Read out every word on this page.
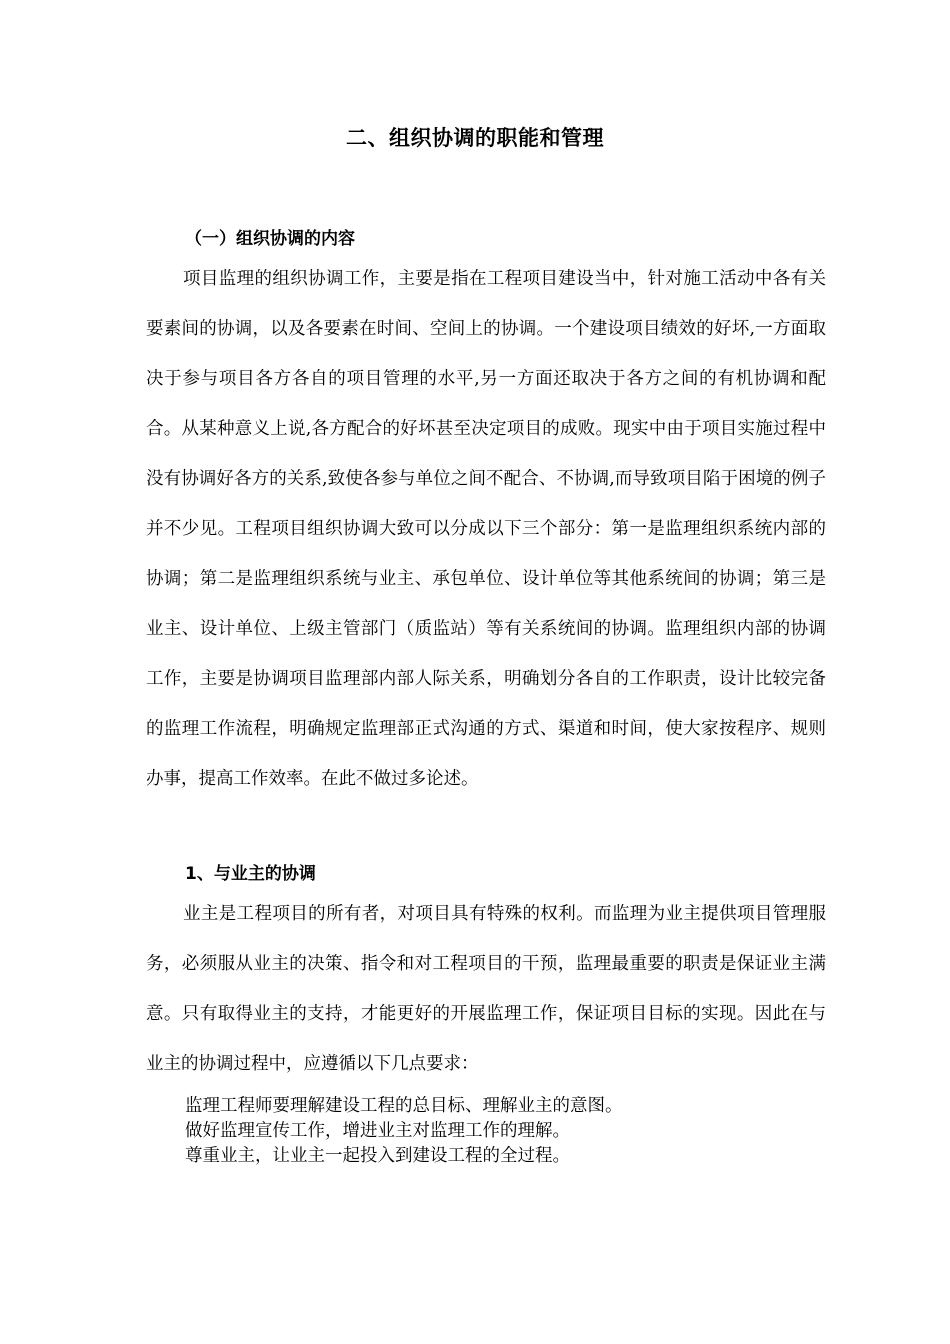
二、组织协调的职能和管理
（一）组织协调的内容

项目监理的组织协调工作，主要是指在工程项目建设当中，针对施工活动中各有关要素间的协调，以及各要素在时间、空间上的协调。一个建设项目绩效的好坏,一方面取决于参与项目各方各自的项目管理的水平,另一方面还取决于各方之间的有机协调和配合。从某种意义上说,各方配合的好坏甚至决定项目的成败。现实中由于项目实施过程中没有协调好各方的关系,致使各参与单位之间不配合、不协调,而导致项目陷于困境的例子并不少见。工程项目组织协调大致可以分成以下三个部分：第一是监理组织系统内部的协调；第二是监理组织系统与业主、承包单位、设计单位等其他系统间的协调；第三是业主、设计单位、上级主管部门（质监站）等有关系统间的协调。监理组织内部的协调工作，主要是协调项目监理部内部人际关系，明确划分各自的工作职责，设计比较完备的监理工作流程，明确规定监理部正式沟通的方式、渠道和时间，使大家按程序、规则办事，提高工作效率。在此不做过多论述。

1、与业主的协调

业主是工程项目的所有者，对项目具有特殊的权利。而监理为业主提供项目管理服务，必须服从业主的决策、指令和对工程项目的干预，监理最重要的职责是保证业主满意。只有取得业主的支持，才能更好的开展监理工作，保证项目目标的实现。因此在与业主的协调过程中，应遵循以下几点要求：

监理工程师要理解建设工程的总目标、理解业主的意图。
做好监理宣传工作，增进业主对监理工作的理解。
尊重业主，让业主一起投入到建设工程的全过程。
